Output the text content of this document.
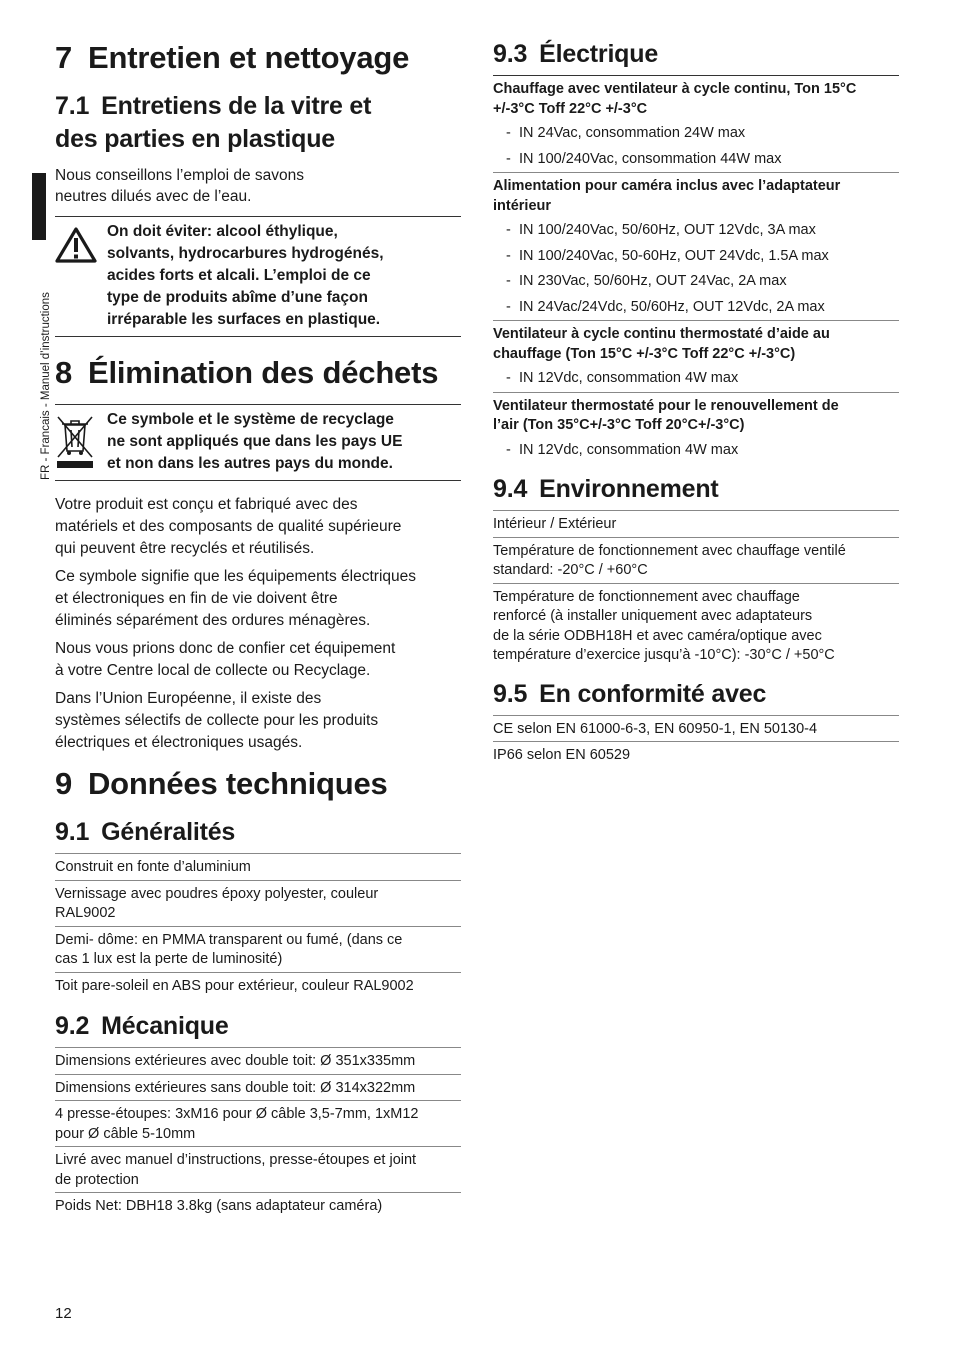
FR - Francais - Manuel d’instructions
7 Entretien et nettoyage
7.1 Entretiens de la vitre et
des parties en plastique
Nous conseillons l’emploi de savons
neutres dilués avec de l’eau.
On doit éviter: alcool éthylique,
solvants, hydrocarbures hydrogénés,
acides forts et alcali. L’emploi de ce
type de produits abîme d’une façon
irréparable les surfaces en plastique.
8 Élimination des déchets
Ce symbole et le système de recyclage
ne sont appliqués que dans les pays UE
et non dans les autres pays du monde.
Votre produit est conçu et fabriqué avec des
matériels et des composants de qualité supérieure
qui peuvent être recyclés et réutilisés.
Ce symbole signifie que les équipements électriques
et électroniques en fin de vie doivent être
éliminés séparément des ordures ménagères.
Nous vous prions donc de confier cet équipement
à votre Centre local de collecte ou Recyclage.
Dans l’Union Européenne, il existe des
systèmes sélectifs de collecte pour les produits
électriques et électroniques usagés.
9 Données techniques
9.1 Généralités
Construit en fonte d’aluminium
Vernissage avec poudres époxy polyester, couleur
RAL9002
Demi- dôme: en PMMA transparent ou fumé, (dans ce
cas 1 lux est la perte de luminosité)
Toit pare-soleil en ABS pour extérieur, couleur RAL9002
9.2 Mécanique
Dimensions extérieures avec double toit: Ø 351x335mm
Dimensions extérieures sans double toit: Ø 314x322mm
4 presse-étoupes: 3xM16 pour Ø câble 3,5-7mm, 1xM12
pour Ø câble 5-10mm
Livré avec manuel d’instructions, presse-étoupes et joint
de protection
Poids Net: DBH18 3.8kg (sans adaptateur caméra)
9.3 Électrique
Chauffage avec ventilateur à cycle continu, Ton 15°C
+/-3°C Toff 22°C +/-3°C
- IN 24Vac, consommation 24W max
- IN 100/240Vac, consommation 44W max
Alimentation pour caméra inclus avec l’adaptateur
intérieur
- IN 100/240Vac, 50/60Hz, OUT 12Vdc, 3A max
- IN 100/240Vac, 50-60Hz, OUT 24Vdc, 1.5A max
- IN 230Vac, 50/60Hz, OUT 24Vac, 2A max
- IN 24Vac/24Vdc, 50/60Hz, OUT 12Vdc, 2A max
Ventilateur à cycle continu thermostaté d’aide au
chauffage (Ton 15°C +/-3°C Toff 22°C +/-3°C)
- IN 12Vdc, consommation 4W max
Ventilateur thermostaté pour le renouvellement de
l’air (Ton 35°C+/-3°C Toff 20°C+/-3°C)
- IN 12Vdc, consommation 4W max
9.4 Environnement
Intérieur / Extérieur
Température de fonctionnement avec chauffage ventilé
standard: -20°C / +60°C
Température de fonctionnement avec chauffage
renforcé (à installer uniquement avec adaptateurs
de la série ODBH18H et avec caméra/optique avec
température d’exercice jusqu’à -10°C): -30°C / +50°C
9.5 En conformité avec
CE selon EN 61000-6-3, EN 60950-1, EN 50130-4
IP66 selon EN 60529
12
